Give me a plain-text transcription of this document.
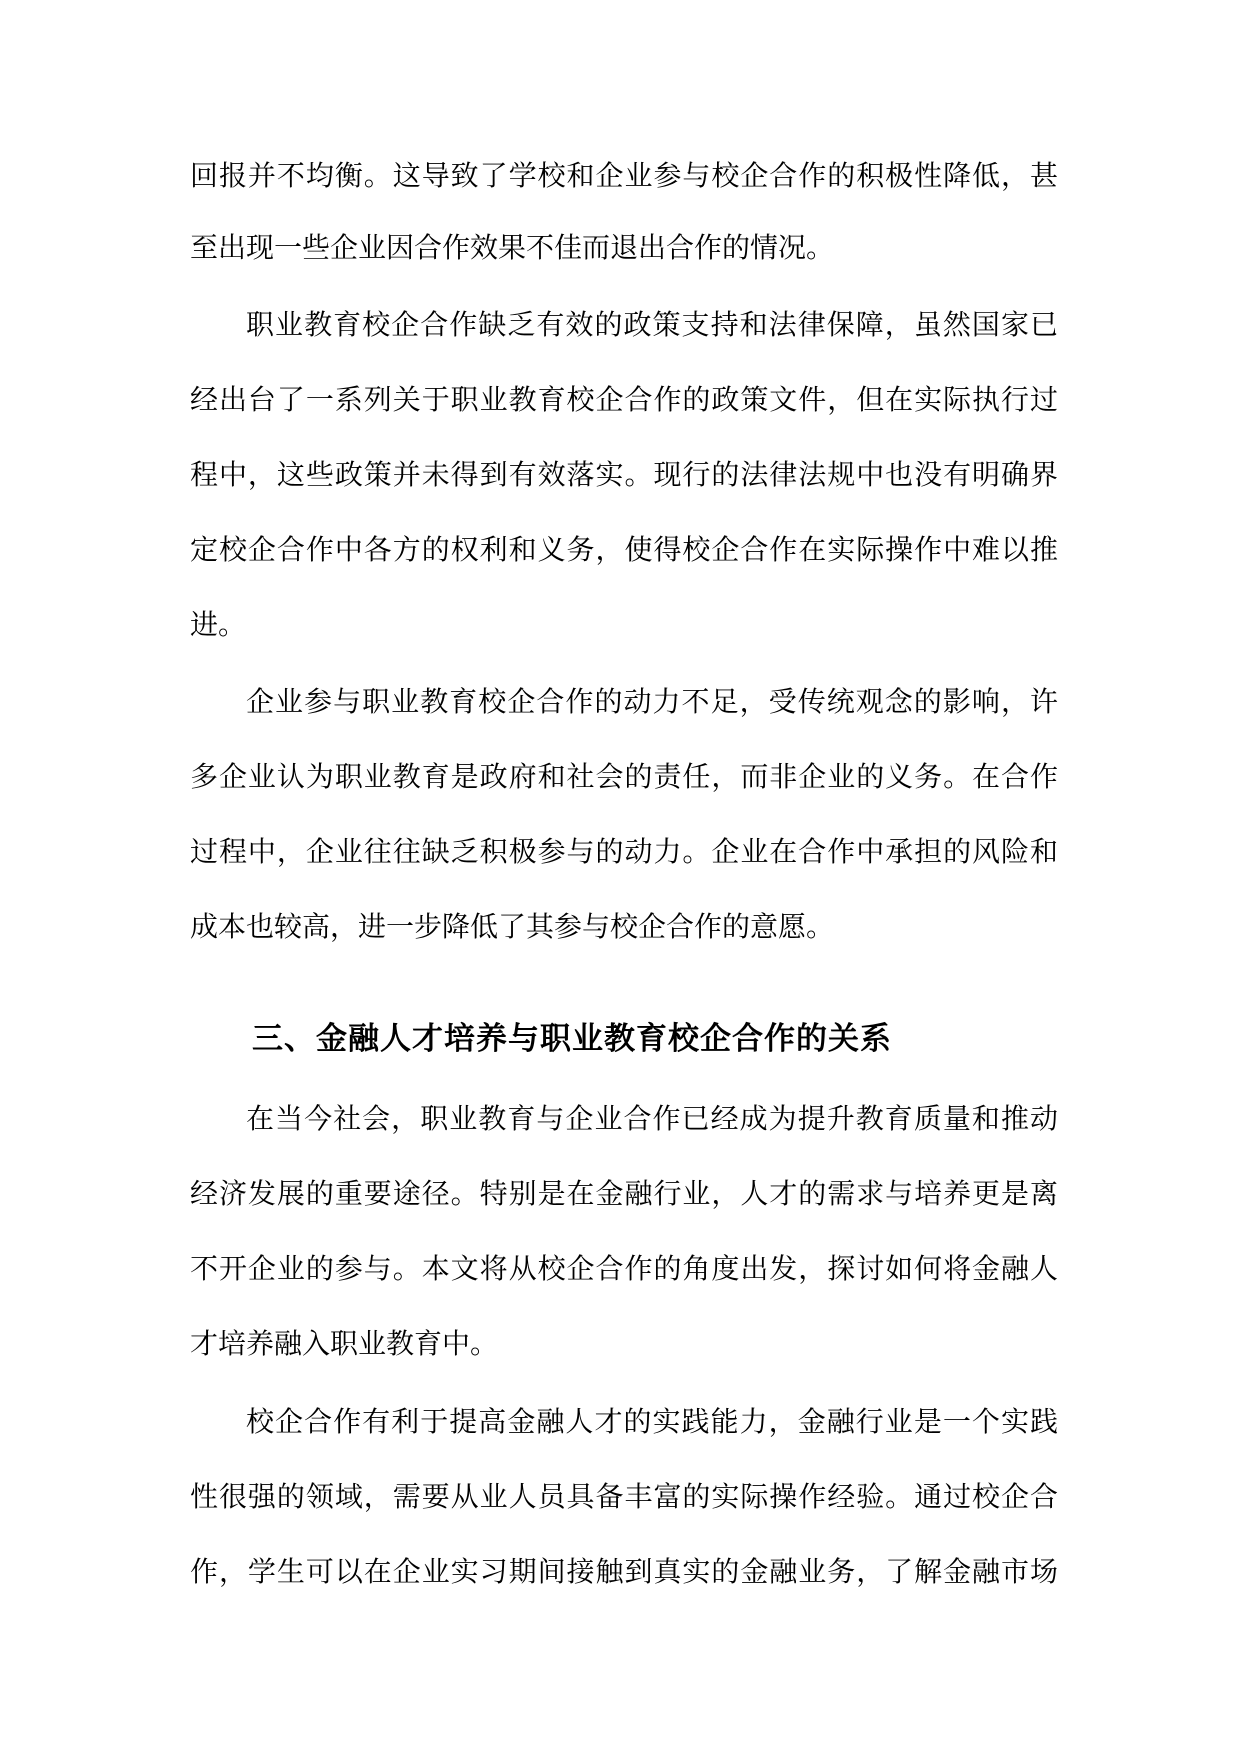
回报并不均衡。这导致了学校和企业参与校企合作的积极性降低，甚
至出现一些企业因合作效果不佳而退出合作的情况。
职业教育校企合作缺乏有效的政策支持和法律保障，虽然国家已
经出台了一系列关于职业教育校企合作的政策文件，但在实际执行过
程中，这些政策并未得到有效落实。现行的法律法规中也没有明确界
定校企合作中各方的权利和义务，使得校企合作在实际操作中难以推
进。
企业参与职业教育校企合作的动力不足，受传统观念的影响，许
多企业认为职业教育是政府和社会的责任，而非企业的义务。在合作
过程中，企业往往缺乏积极参与的动力。企业在合作中承担的风险和
成本也较高，进一步降低了其参与校企合作的意愿。
三、金融人才培养与职业教育校企合作的关系
在当今社会，职业教育与企业合作已经成为提升教育质量和推动
经济发展的重要途径。特别是在金融行业，人才的需求与培养更是离
不开企业的参与。本文将从校企合作的角度出发，探讨如何将金融人
才培养融入职业教育中。
校企合作有利于提高金融人才的实践能力，金融行业是一个实践
性很强的领域，需要从业人员具备丰富的实际操作经验。通过校企合
作，学生可以在企业实习期间接触到真实的金融业务，了解金融市场
